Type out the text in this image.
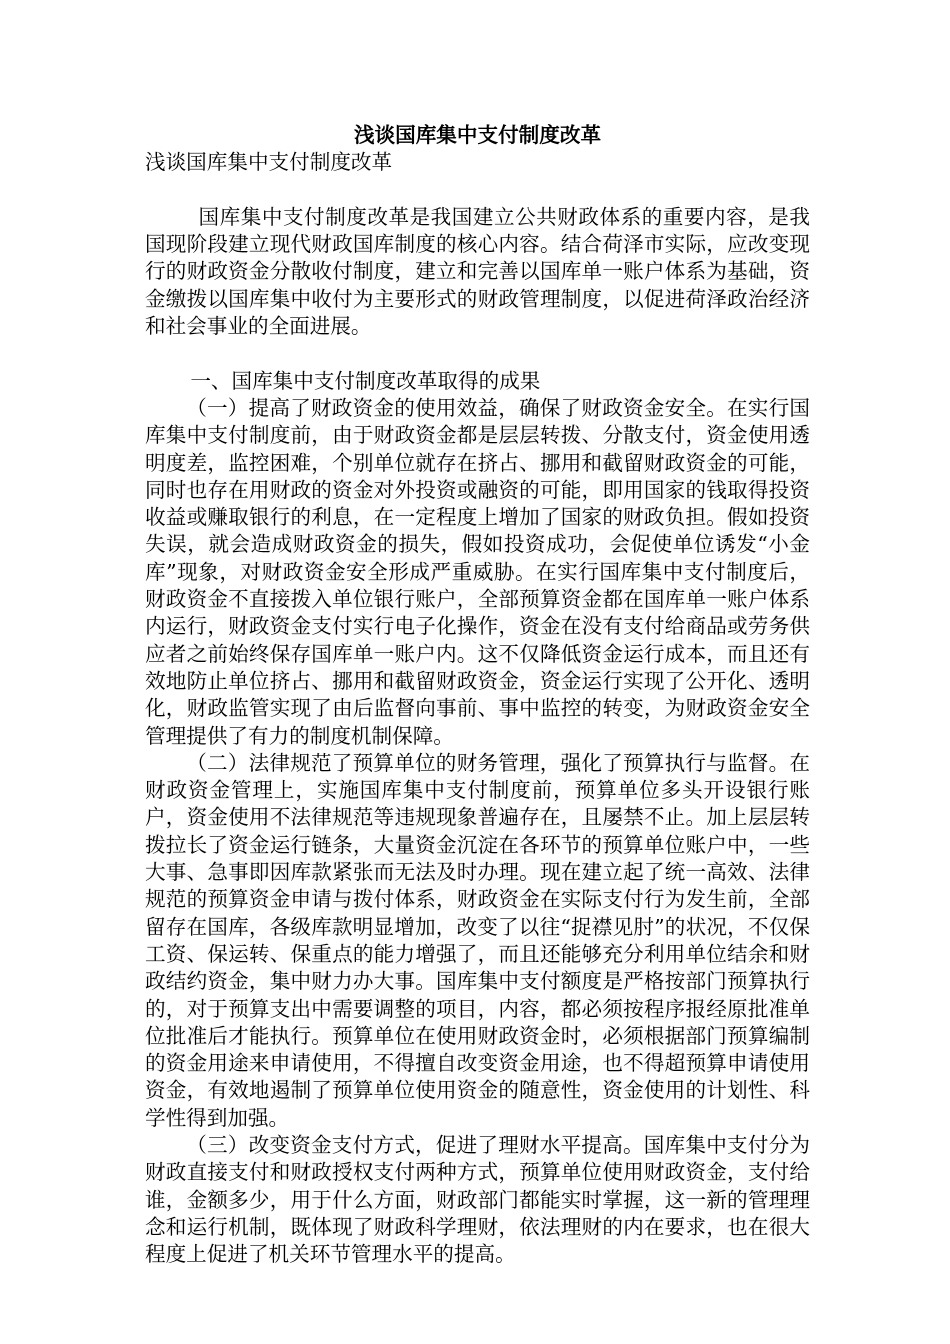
浅谈国库集中支付制度改革

浅谈国库集中支付制度改革

国库集中支付制度改革是我国建立公共财政体系的重要内容，是我国现阶段建立现代财政国库制度的核心内容。结合荷泽市实际，应改变现行的财政资金分散收付制度，建立和完善以国库单一账户体系为基础，资金缴拨以国库集中收付为主要形式的财政管理制度，以促进荷泽政治经济和社会事业的全面进展。

一、国库集中支付制度改革取得的成果

（一）提高了财政资金的使用效益，确保了财政资金安全。在实行国库集中支付制度前，由于财政资金都是层层转拨、分散支付，资金使用透明度差，监控困难，个别单位就存在挤占、挪用和截留财政资金的可能，同时也存在用财政的资金对外投资或融资的可能，即用国家的钱取得投资收益或赚取银行的利息，在一定程度上增加了国家的财政负担。假如投资失误，就会造成财政资金的损失，假如投资成功，会促使单位诱发“小金库”现象，对财政资金安全形成严重威胁。在实行国库集中支付制度后，财政资金不直接拨入单位银行账户，全部预算资金都在国库单一账户体系内运行，财政资金支付实行电子化操作，资金在没有支付给商品或劳务供应者之前始终保存国库单一账户内。这不仅降低资金运行成本，而且还有效地防止单位挤占、挪用和截留财政资金，资金运行实现了公开化、透明化，财政监管实现了由后监督向事前、事中监控的转变，为财政资金安全管理提供了有力的制度机制保障。

（二）法律规范了预算单位的财务管理，强化了预算执行与监督。在财政资金管理上，实施国库集中支付制度前，预算单位多头开设银行账户，资金使用不法律规范等违规现象普遍存在，且屡禁不止。加上层层转拨拉长了资金运行链条，大量资金沉淀在各环节的预算单位账户中，一些大事、急事即因库款紧张而无法及时办理。现在建立起了统一高效、法律规范的预算资金申请与拨付体系，财政资金在实际支付行为发生前，全部留存在国库，各级库款明显增加，改变了以往“捉襟见肘”的状况，不仅保工资、保运转、保重点的能力增强了，而且还能够充分利用单位结余和财政结约资金，集中财力办大事。国库集中支付额度是严格按部门预算执行的，对于预算支出中需要调整的项目，内容，都必须按程序报经原批准单位批准后才能执行。预算单位在使用财政资金时，必须根据部门预算编制的资金用途来申请使用，不得擅自改变资金用途，也不得超预算申请使用资金，有效地遏制了预算单位使用资金的随意性，资金使用的计划性、科学性得到加强。

（三）改变资金支付方式，促进了理财水平提高。国库集中支付分为财政直接支付和财政授权支付两种方式，预算单位使用财政资金，支付给谁，金额多少，用于什么方面，财政部门都能实时掌握，这一新的管理理念和运行机制，既体现了财政科学理财，依法理财的内在要求，也在很大程度上促进了机关环节管理水平的提高。
